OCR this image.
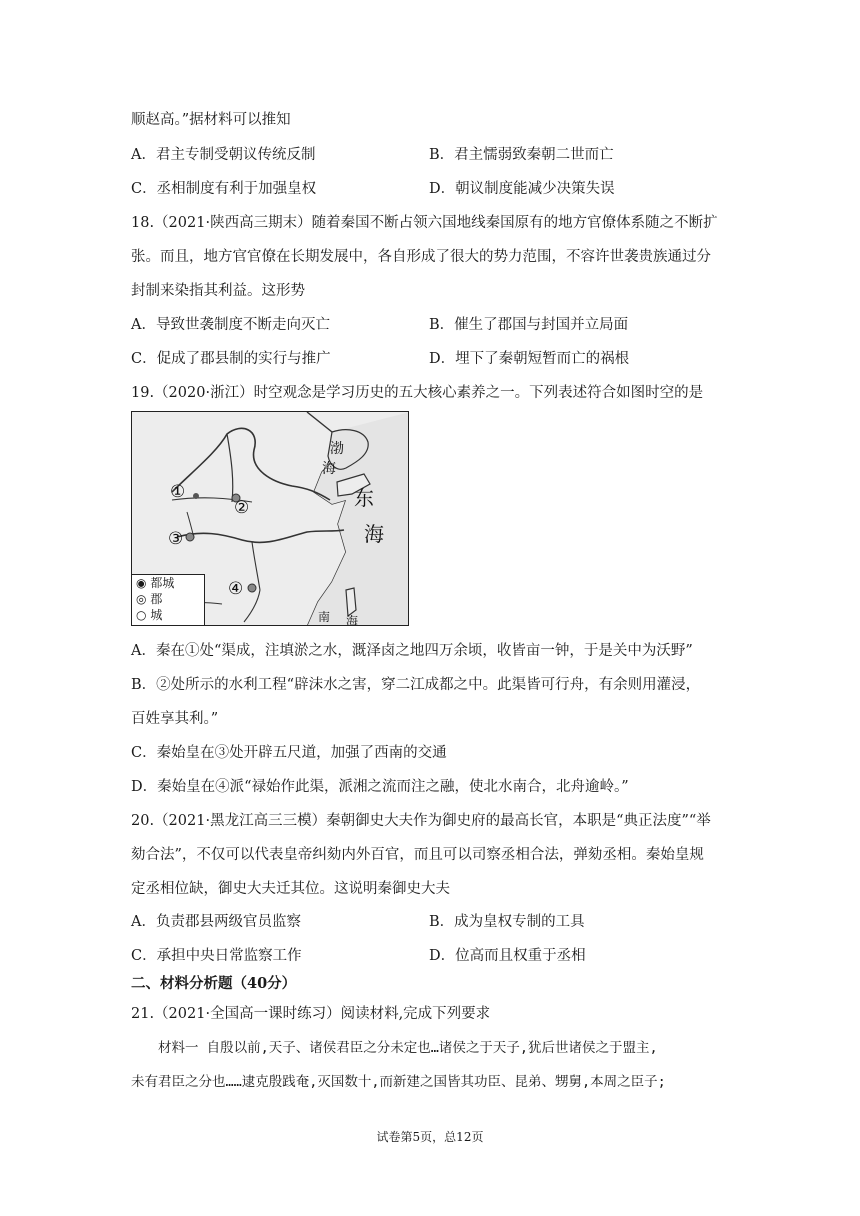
顺赵高。”据材料可以推知
A．君主专制受朝议传统反制	B．君主懦弱致秦朝二世而亡
C．丞相制度有利于加强皇权	D．朝议制度能减少决策失误
18.（2021·陕西高三期末）随着秦国不断占领六国地线秦国原有的地方官僚体系随之不断扩
张。而且，地方官官僚在长期发展中，各自形成了很大的势力范围，不容许世袭贵族通过分
封制来染指其利益。这形势
A．导致世袭制度不断走向灭亡	B．催生了郡国与封国并立局面
C．促成了郡县制的实行与推广	D．埋下了秦朝短暂而亡的祸根
19.（2020·浙江）时空观念是学习历史的五大核心素养之一。下列表述符合如图时空的是
①
②
③
④
渤
海
东
海
南 海
◉ 都城
◎ 郡
○ 城
A．秦在①处“渠成，注填淤之水，溉泽卤之地四万余顷，收皆亩一钟，于是关中为沃野”
B．②处所示的水利工程“辟沫水之害，穿二江成都之中。此渠皆可行舟，有余则用灌浸，
百姓享其利。”
C．秦始皇在③处开辟五尺道，加强了西南的交通
D．秦始皇在④派“禄始作此渠，派湘之流而注之融，使北水南合，北舟逾岭。”
20.（2021·黑龙江高三三模）秦朝御史大夫作为御史府的最高长官，本职是“典正法度”“举
劾合法”，不仅可以代表皇帝纠劾内外百官，而且可以司察丞相合法，弹劾丞相。秦始皇规
定丞相位缺，御史大夫迁其位。这说明秦御史大夫
A．负责郡县两级官员监察	B．成为皇权专制的工具
C．承担中央日常监察工作	D．位高而且权重于丞相
二、材料分析题（40分）
21.（2021·全国高一课时练习）阅读材料,完成下列要求
材料一 自殷以前,天子、诸侯君臣之分未定也…诸侯之于天子,犹后世诸侯之于盟主,
未有君臣之分也……逮克殷践奄,灭国数十,而新建之国皆其功臣、昆弟、甥舅,本周之臣子;
试卷第5页，总12页
